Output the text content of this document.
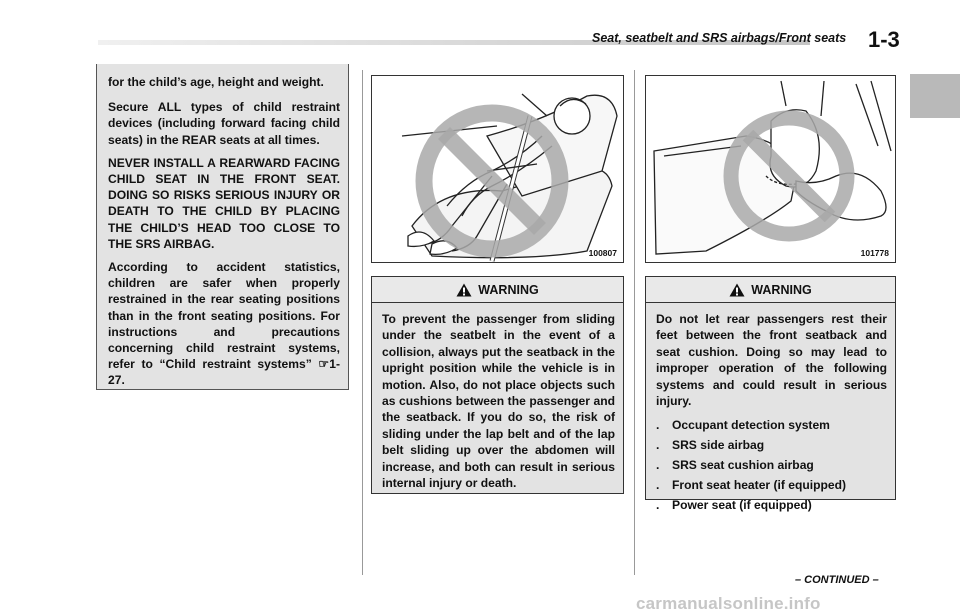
Seat, seatbelt and SRS airbags/Front seats 1-3

for the child’s age, height and weight.

Secure ALL types of child restraint devices (including forward facing child seats) in the REAR seats at all times.

NEVER INSTALL A REARWARD FACING CHILD SEAT IN THE FRONT SEAT. DOING SO RISKS SERIOUS INJURY OR DEATH TO THE CHILD BY PLACING THE CHILD’S HEAD TOO CLOSE TO THE SRS AIRBAG.

According to accident statistics, children are safer when properly restrained in the rear seating positions than in the front seating positions. For instructions and precautions concerning child restraint systems, refer to “Child restraint systems” ☞1-27.

100807	101778
WARNING

To prevent the passenger from sliding under the seatbelt in the event of a collision, always put the seatback in the upright position while the vehicle is in motion. Also, do not place objects such as cushions between the passenger and the seatback. If you do so, the risk of sliding under the lap belt and of the lap belt sliding up over the abdomen will increase, and both can result in serious internal injury or death.

WARNING

Do not let rear passengers rest their feet between the front seatback and seat cushion. Doing so may lead to improper operation of the following systems and could result in serious injury.

.	Occupant detection system
.	SRS side airbag
.	SRS seat cushion airbag
.	Front seat heater (if equipped)
.	Power seat (if equipped)
– CONTINUED –
carmanualsonline.info
